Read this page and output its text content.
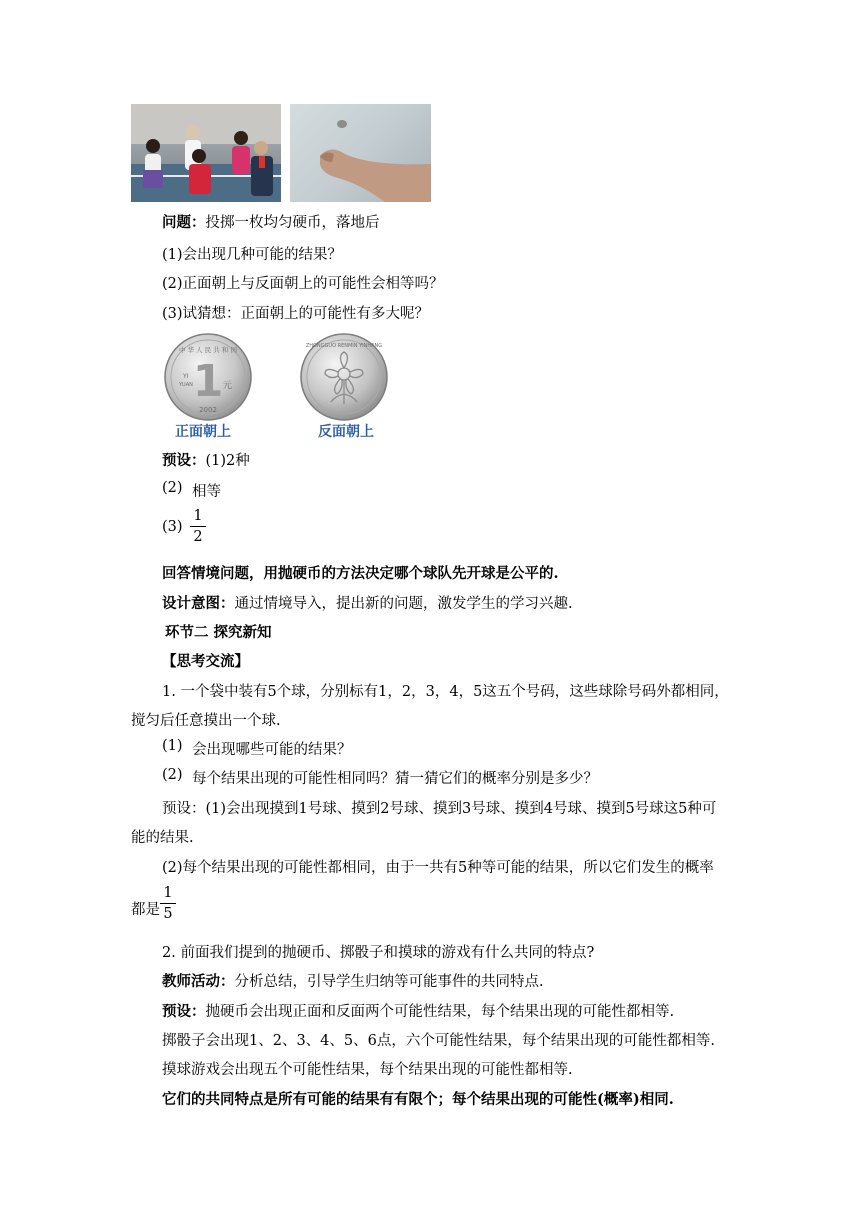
问题：投掷一枚均匀硬币，落地后
(1)会出现几种可能的结果？
(2)正面朝上与反面朝上的可能性会相等吗？
(3)试猜想：正面朝上的可能性有多大呢？
1 元
YI
YUAN
2002
中 华 人 民 共 和 国	ZHONGGUO RENMIN YINHANG
正面朝上	反面朝上
预设：(1)2种
(2) 相等
(3)
1
2
回答情境问题，用抛硬币的方法决定哪个球队先开球是公平的.
设计意图：通过情境导入，提出新的问题，激发学生的学习兴趣.
环节二 探究新知
【思考交流】
1. 一个袋中装有5个球，分别标有1，2，3，4，5这五个号码，这些球除号码外都相同，
搅匀后任意摸出一个球.
(1) 会出现哪些可能的结果？
(2) 每个结果出现的可能性相同吗？猜一猜它们的概率分别是多少？
预设：(1)会出现摸到1号球、摸到2号球、摸到3号球、摸到4号球、摸到5号球这5种可
能的结果.
(2)每个结果出现的可能性都相同，由于一共有5种等可能的结果，所以它们发生的概率
都是
1
5
2. 前面我们提到的抛硬币、掷骰子和摸球的游戏有什么共同的特点?
教师活动：分析总结，引导学生归纳等可能事件的共同特点.
预设：抛硬币会出现正面和反面两个可能性结果，每个结果出现的可能性都相等.
掷骰子会出现1、2、3、4、5、6点，六个可能性结果，每个结果出现的可能性都相等.
摸球游戏会出现五个可能性结果，每个结果出现的可能性都相等.
它们的共同特点是所有可能的结果有有限个；每个结果出现的可能性(概率)相同.
